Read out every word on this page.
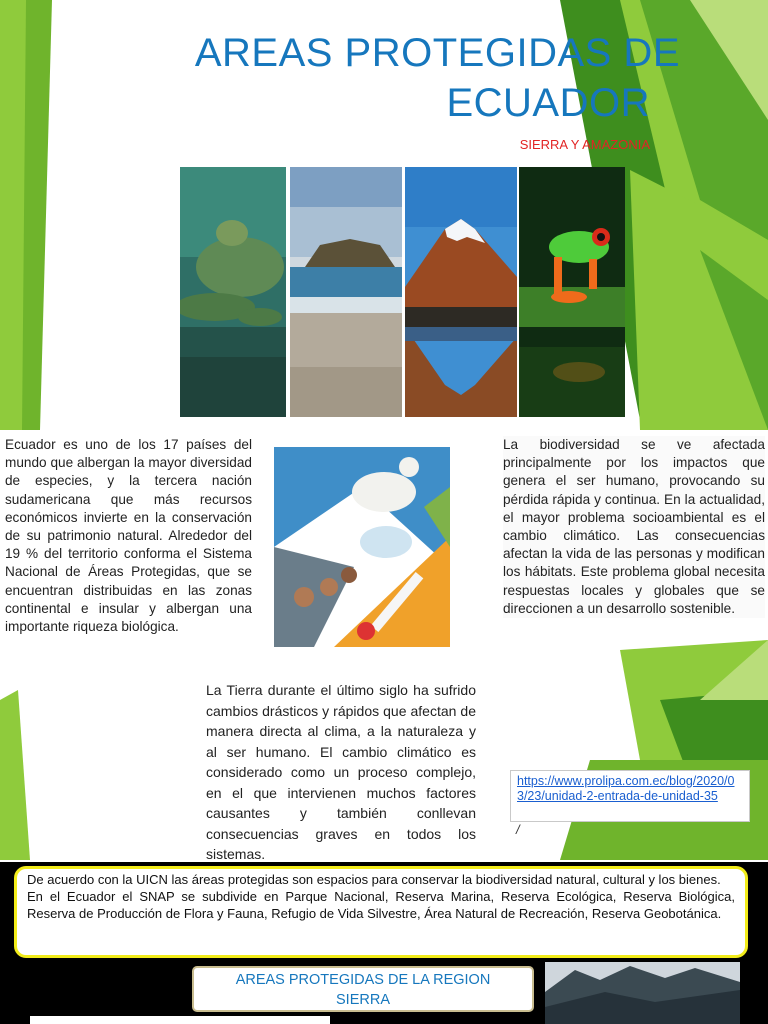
AREAS PROTEGIDAS DE
ECUADOR
SIERRA Y AMAZONIA
Ecuador es uno de los 17 países del mundo que albergan la mayor diversidad de especies, y la tercera nación sudamericana que más recursos económicos invierte en la conservación de su patrimonio natural. Alrededor del 19 % del territorio conforma el Sistema Nacional de Áreas Protegidas, que se encuentran distribuidas en las zonas continental e insular y albergan una importante riqueza biológica.
La biodiversidad se ve afectada principalmente por los impactos que genera el ser humano, provocando su pérdida rápida y continua. En la actualidad, el mayor problema socioambiental es el cambio climático. Las consecuencias afectan la vida de las personas y modifican los hábitats. Este problema global necesita respuestas locales y globales que se direccionen a un desarrollo sostenible.
La Tierra durante el último siglo ha sufrido cambios drásticos y rápidos que afectan de manera directa al clima, a la naturaleza y al ser humano. El cambio climático es considerado como un proceso complejo, en el que intervienen muchos factores causantes y también conllevan consecuencias graves en todos los sistemas.
https://www.prolipa.com.ec/blog/2020/03/23/unidad-2-entrada-de-unidad-35
/

De acuerdo con la UICN las áreas protegidas son espacios para conservar la biodiversidad natural, cultural y los bienes.

En el Ecuador el SNAP se subdivide en Parque Nacional, Reserva Marina, Reserva Ecológica, Reserva Biológica, Reserva de Producción de Flora y Fauna, Refugio de Vida Silvestre, Área Natural de Recreación, Reserva Geobotánica.

AREAS PROTEGIDAS DE LA REGION
SIERRA
